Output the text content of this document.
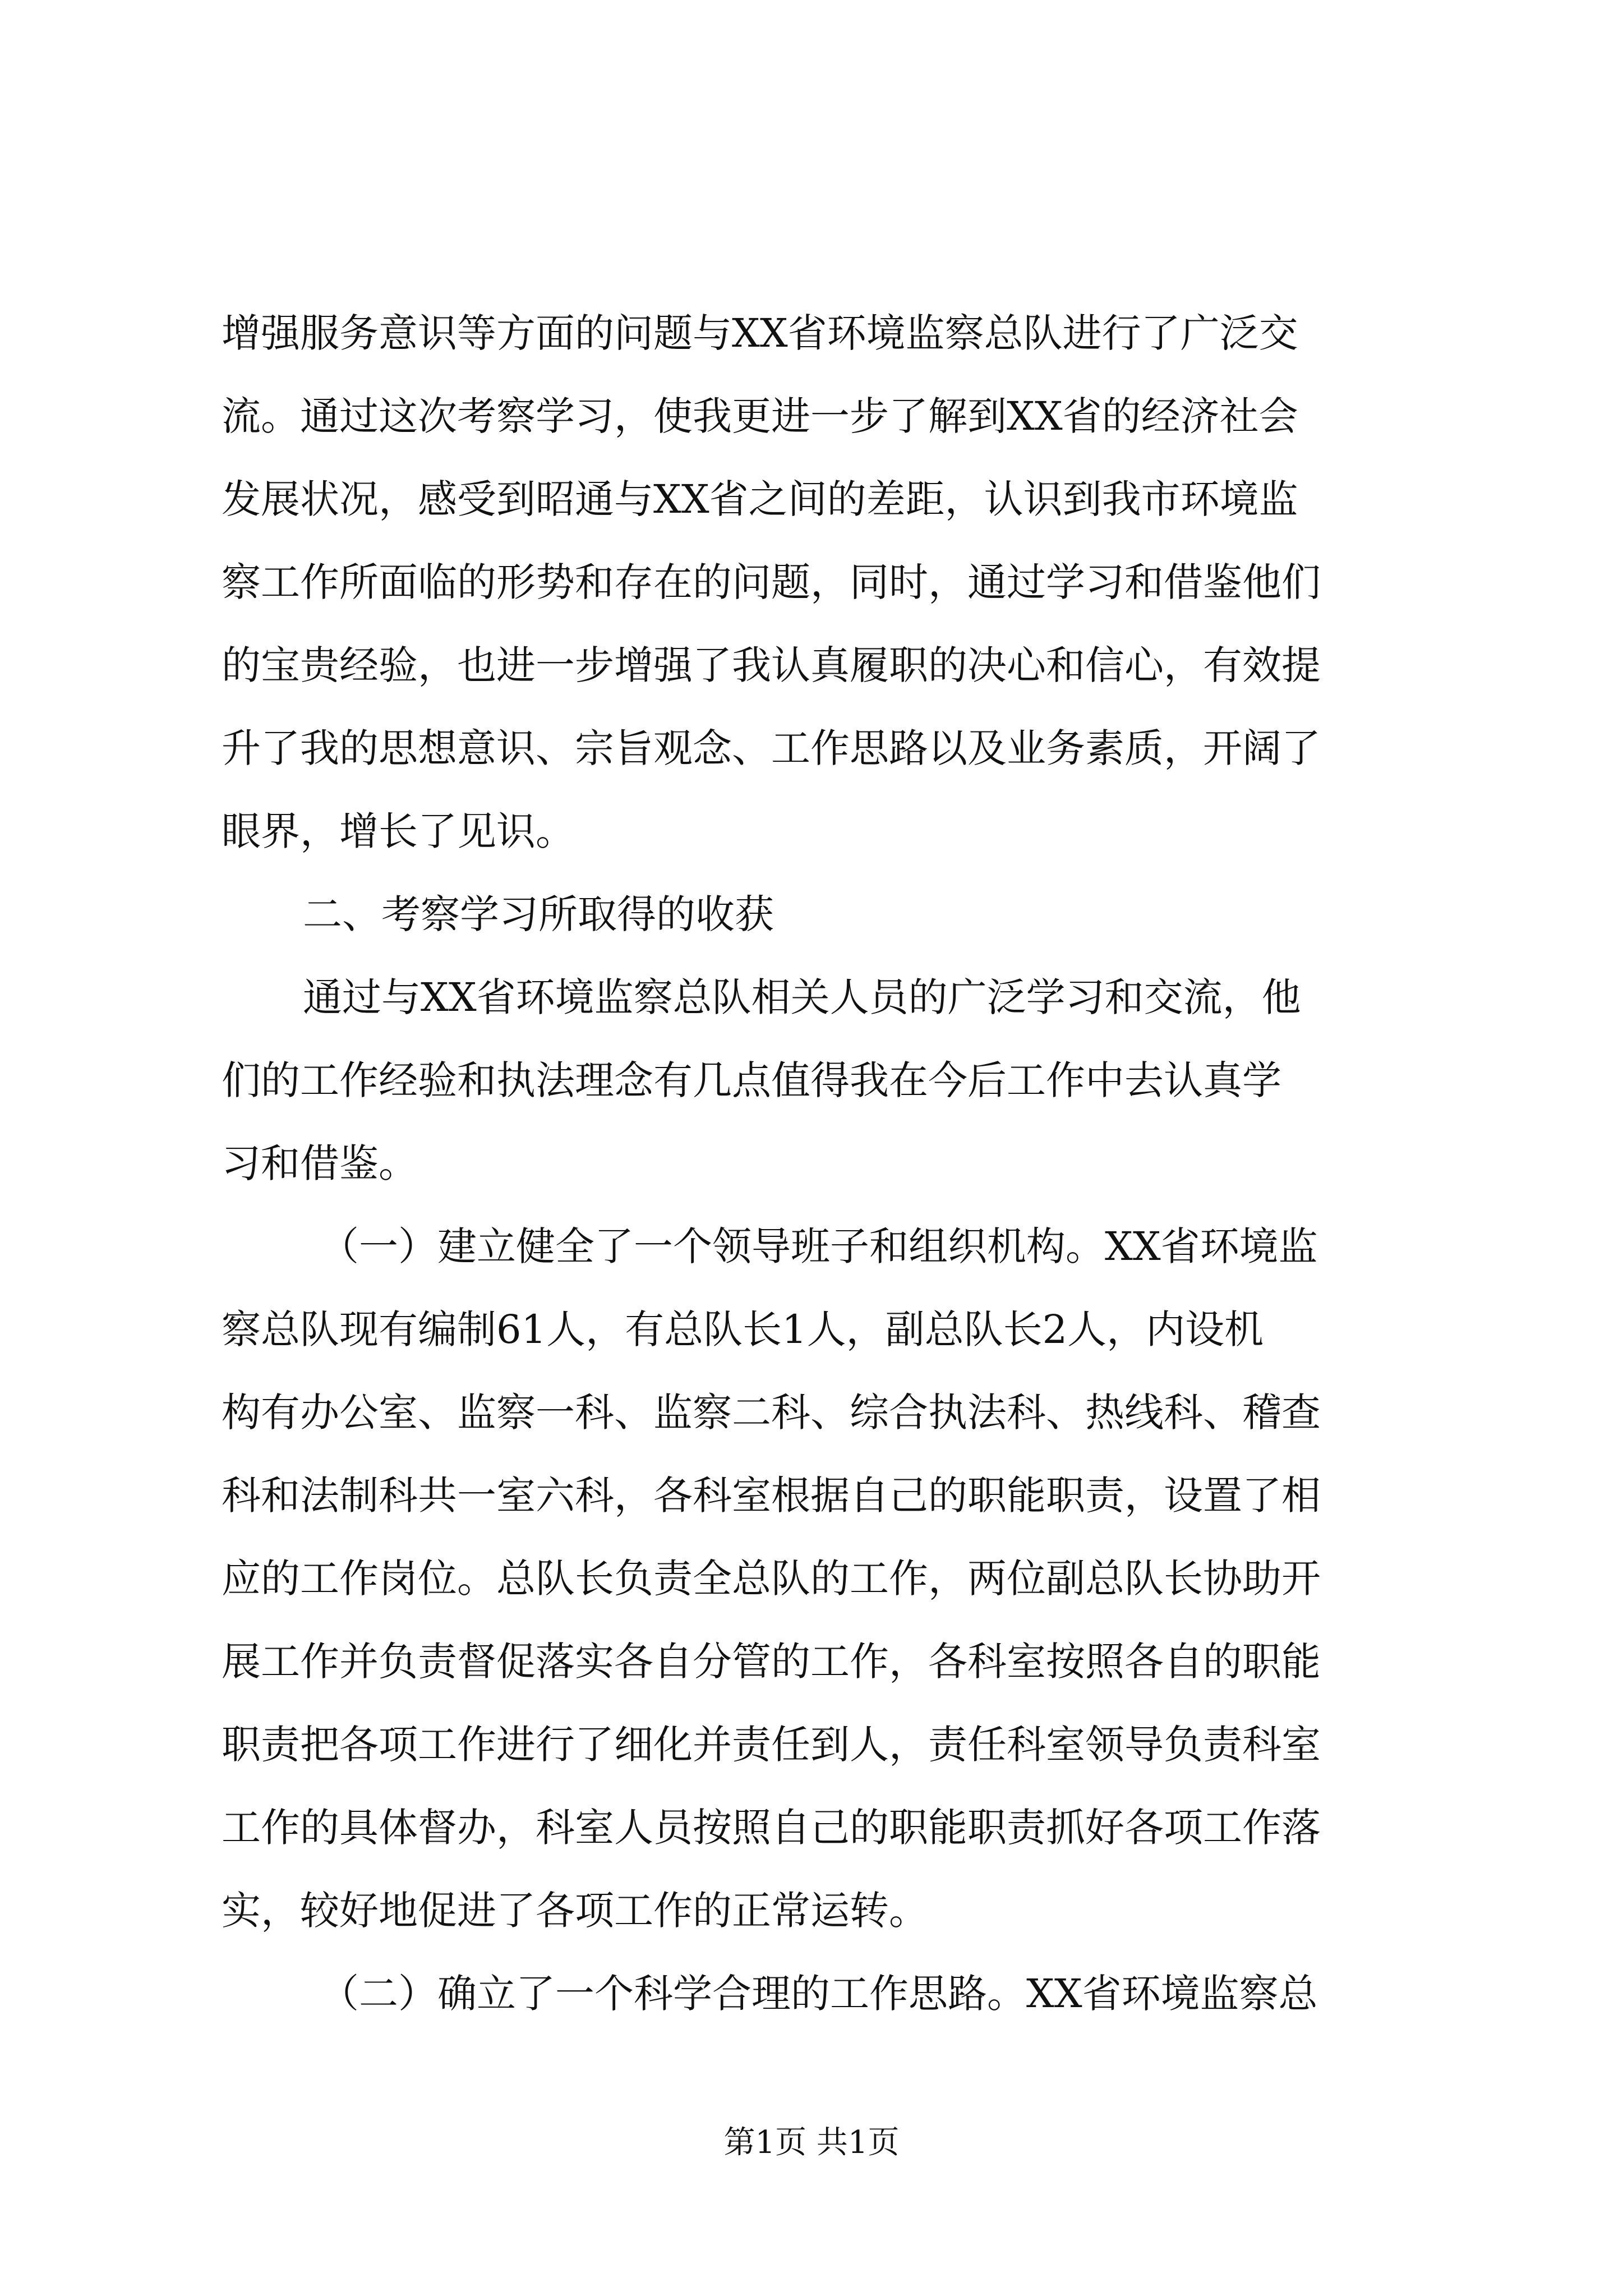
增强服务意识等方面的问题与XX省环境监察总队进行了广泛交
流。通过这次考察学习，使我更进一步了解到XX省的经济社会
发展状况，感受到昭通与XX省之间的差距，认识到我市环境监
察工作所面临的形势和存在的问题，同时，通过学习和借鉴他们
的宝贵经验，也进一步增强了我认真履职的决心和信心，有效提
升了我的思想意识、宗旨观念、工作思路以及业务素质，开阔了
眼界，增长了见识。
二、考察学习所取得的收获
通过与XX省环境监察总队相关人员的广泛学习和交流，他
们的工作经验和执法理念有几点值得我在今后工作中去认真学
习和借鉴。
（一）建立健全了一个领导班子和组织机构。XX省环境监
察总队现有编制61人，有总队长1人，副总队长2人，内设机
构有办公室、监察一科、监察二科、综合执法科、热线科、稽查
科和法制科共一室六科，各科室根据自己的职能职责，设置了相
应的工作岗位。总队长负责全总队的工作，两位副总队长协助开
展工作并负责督促落实各自分管的工作，各科室按照各自的职能
职责把各项工作进行了细化并责任到人，责任科室领导负责科室
工作的具体督办，科室人员按照自己的职能职责抓好各项工作落
实，较好地促进了各项工作的正常运转。
（二）确立了一个科学合理的工作思路。XX省环境监察总
第1页 共1页
